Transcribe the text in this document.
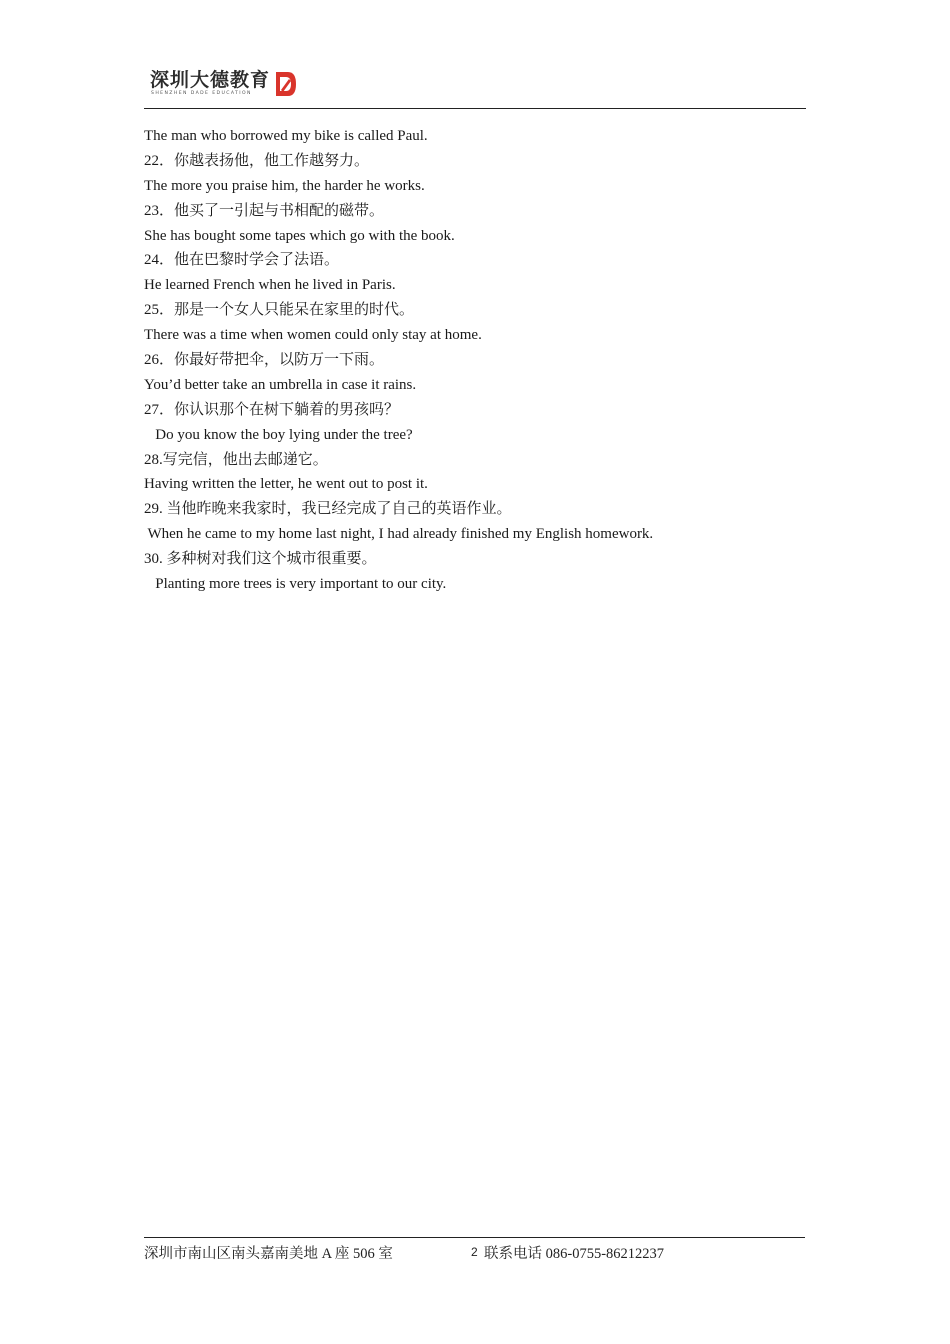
深圳大德教育
SHENZHEN DADE EDUCATION
The man who borrowed my bike is called Paul.
22．你越表扬他，他工作越努力。
The more you praise him, the harder he works.
23．他买了一引起与书相配的磁带。
She has bought some tapes which go with the book.
24．他在巴黎时学会了法语。
He learned French when he lived in Paris.
25．那是一个女人只能呆在家里的时代。
There was a time when women could only stay at home.
26．你最好带把伞，以防万一下雨。
You’d better take an umbrella in case it rains.
27．你认识那个在树下躺着的男孩吗？
Do you know the boy lying under the tree?
28.写完信，他出去邮递它。
Having written the letter, he went out to post it.
29. 当他昨晚来我家时，我已经完成了自己的英语作业。
When he came to my home last night, I had already finished my English homework.
30. 多种树对我们这个城市很重要。
Planting more trees is very important to our city.
深圳市南山区南头嘉南美地 A 座 506 室	2 联系电话 086-0755-86212237
